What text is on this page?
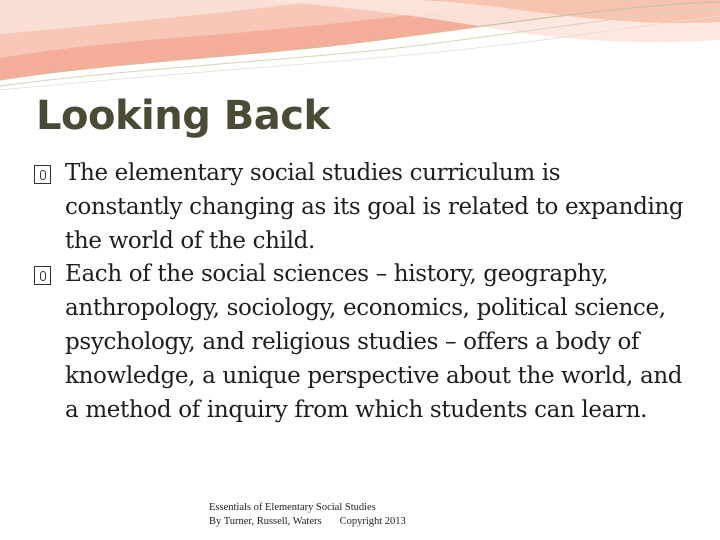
Looking Back
The elementary social studies curriculum is constantly changing as its goal is related to expanding the world of the child.
Each of the social sciences – history, geography, anthropology, sociology, economics, political science, psychology, and religious studies – offers a body of knowledge, a unique perspective about the world, and a method of inquiry from which students can learn.
Essentials of Elementary Social Studies
By Turner, Russell, Waters Copyright 2013
